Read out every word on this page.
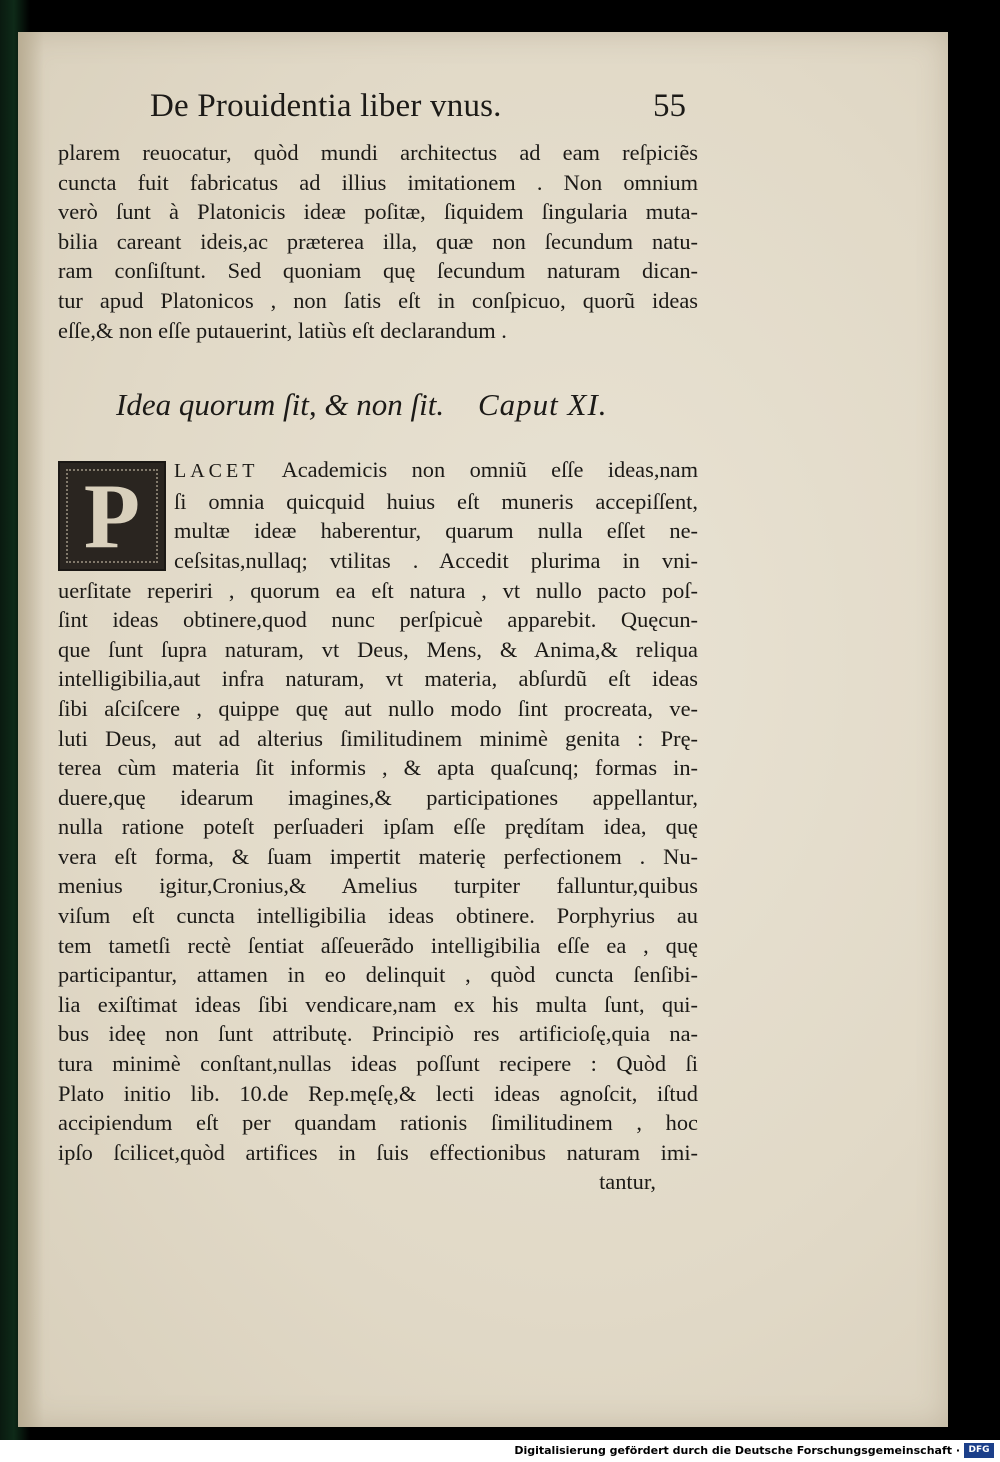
De Prouidentia liber vnus.	55

plarem reuocatur, quòd mundi architectus ad eam reſpiciẽs
cuncta fuit fabricatus ad illius imitationem . Non omnium
verò ſunt à Platonicis ideæ poſitæ, ſiquidem ſingularia muta-
bilia careant ideis,ac præterea illa, quæ non ſecundum natu-
ram conſiſtunt. Sed quoniam quę ſecundum naturam dican-
tur apud Platonicos , non ſatis eſt in conſpicuo, quorũ ideas
eſſe,& non eſſe putauerint, latiùs eſt declarandum .

Idea quorum ſit, & non ſit. Caput XI.
P	LACET Academicis non omniũ eſſe ideas,nam
ſi omnia quicquid huius eſt muneris accepiſſent,
multæ ideæ haberentur, quarum nulla eſſet ne-
ceſsitas,nullaq; vtilitas . Accedit plurima in vni-

uerſitate reperiri , quorum ea eſt natura , vt nullo pacto poſ-
ſint ideas obtinere,quod nunc perſpicuè apparebit. Quęcun-
que ſunt ſupra naturam, vt Deus, Mens, & Anima,& reliqua
intelligibilia,aut infra naturam, vt materia, abſurdũ eſt ideas
ſibi aſciſcere , quippe quę aut nullo modo ſint procreata, ve-
luti Deus, aut ad alterius ſimilitudinem minimè genita : Prę-
terea cùm materia ſit informis , & apta quaſcunq; formas in-
duere,quę idearum imagines,& participationes appellantur,
nulla ratione poteſt perſuaderi ipſam eſſe prędítam idea, quę
vera eſt forma, & ſuam impertit materię perfectionem . Nu-
menius igitur,Cronius,& Amelius turpiter falluntur,quibus
viſum eſt cuncta intelligibilia ideas obtinere. Porphyrius au
tem tametſi rectè ſentiat aſſeuerãdo intelligibilia eſſe ea , quę
participantur, attamen in eo delinquit , quòd cuncta ſenſibi-
lia exiſtimat ideas ſibi vendicare,nam ex his multa ſunt, qui-
bus ideę non ſunt attributę. Principiò res artificioſę,quia na-
tura minimè conſtant,nullas ideas poſſunt recipere : Quòd ſi
Plato initio lib. 10.de Rep.męſę,& lecti ideas agnoſcit, iſtud
accipiendum eſt per quandam rationis ſimilitudinem , hoc
ipſo ſcilicet,quòd artifices in ſuis effectionibus naturam imi-

tantur,

Digitalisierung gefördert durch die Deutsche Forschungsgemeinschaft · DFG
